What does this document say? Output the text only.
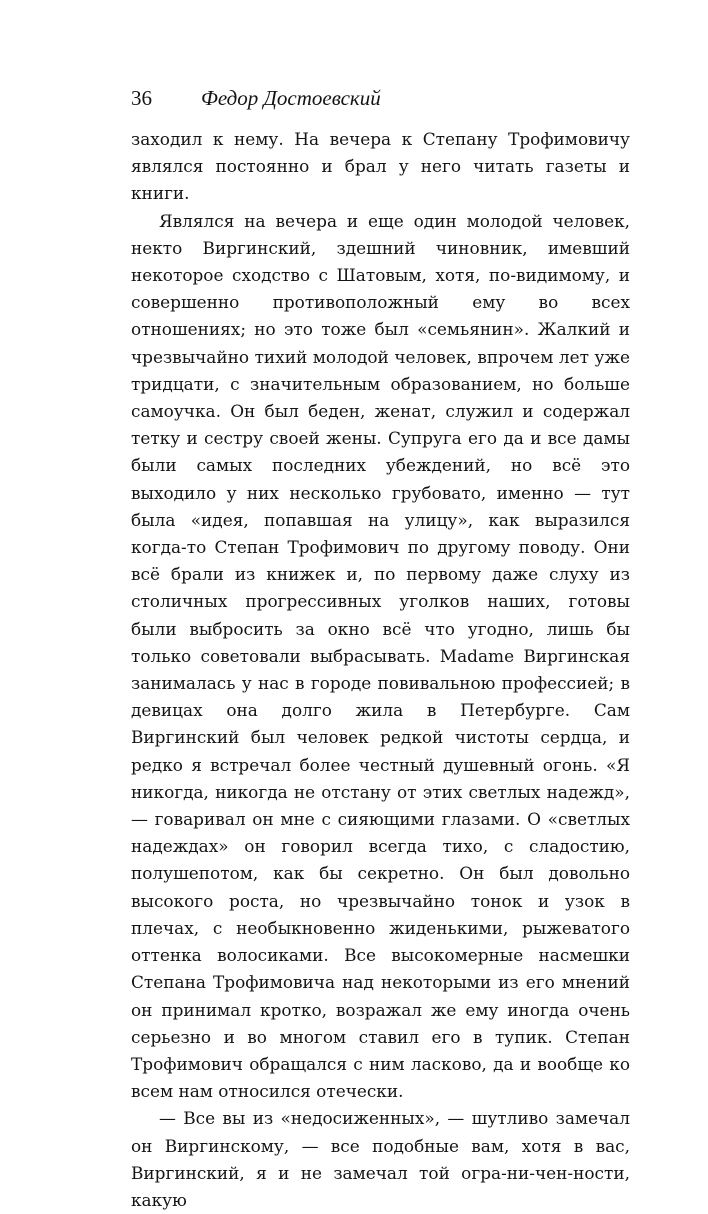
36	Федор Достоевский

заходил к нему. На вечера к Степану Трофимовичу являлся постоянно и брал у него читать газеты и книги.

Являлся на вечера и еще один молодой человек, некто Виргинский, здешний чиновник, имевший некоторое сходство с Шатовым, хотя, по-видимому, и совершенно противоположный ему во всех отношениях; но это тоже был «семьянин». Жалкий и чрезвычайно тихий молодой человек, впрочем лет уже тридцати, с значительным образованием, но больше самоучка. Он был беден, женат, служил и содержал тетку и сестру своей жены. Супруга его да и все дамы были самых последних убеждений, но всё это выходило у них несколько грубовато, именно — тут была «идея, попавшая на улицу», как выразился когда-то Степан Трофимович по другому поводу. Они всё брали из книжек и, по первому даже слуху из столичных прогрессивных уголков наших, готовы были выбросить за окно всё что угодно, лишь бы только советовали выбрасывать. Madame Виргинская занималась у нас в городе повивальною профессией; в девицах она долго жила в Петербурге. Сам Виргинский был человек редкой чистоты сердца, и редко я встречал более честный душевный огонь. «Я никогда, никогда не отстану от этих светлых надежд», — говаривал он мне с сияющими глазами. О «светлых надеждах» он говорил всегда тихо, с сладостию, полушепотом, как бы секретно. Он был довольно высокого роста, но чрезвычайно тонок и узок в плечах, с необыкновенно жиденькими, рыжеватого оттенка волосиками. Все высокомерные насмешки Степана Трофимовича над некоторыми из его мнений он принимал кротко, возражал же ему иногда очень серьезно и во многом ставил его в тупик. Степан Трофимович обращался с ним ласково, да и вообще ко всем нам относился отечески.

— Все вы из «недосиженных», — шутливо замечал он Виргинскому, — все подобные вам, хотя в вас, Виргинский, я и не замечал той огра-ни-чен-ности, какую
